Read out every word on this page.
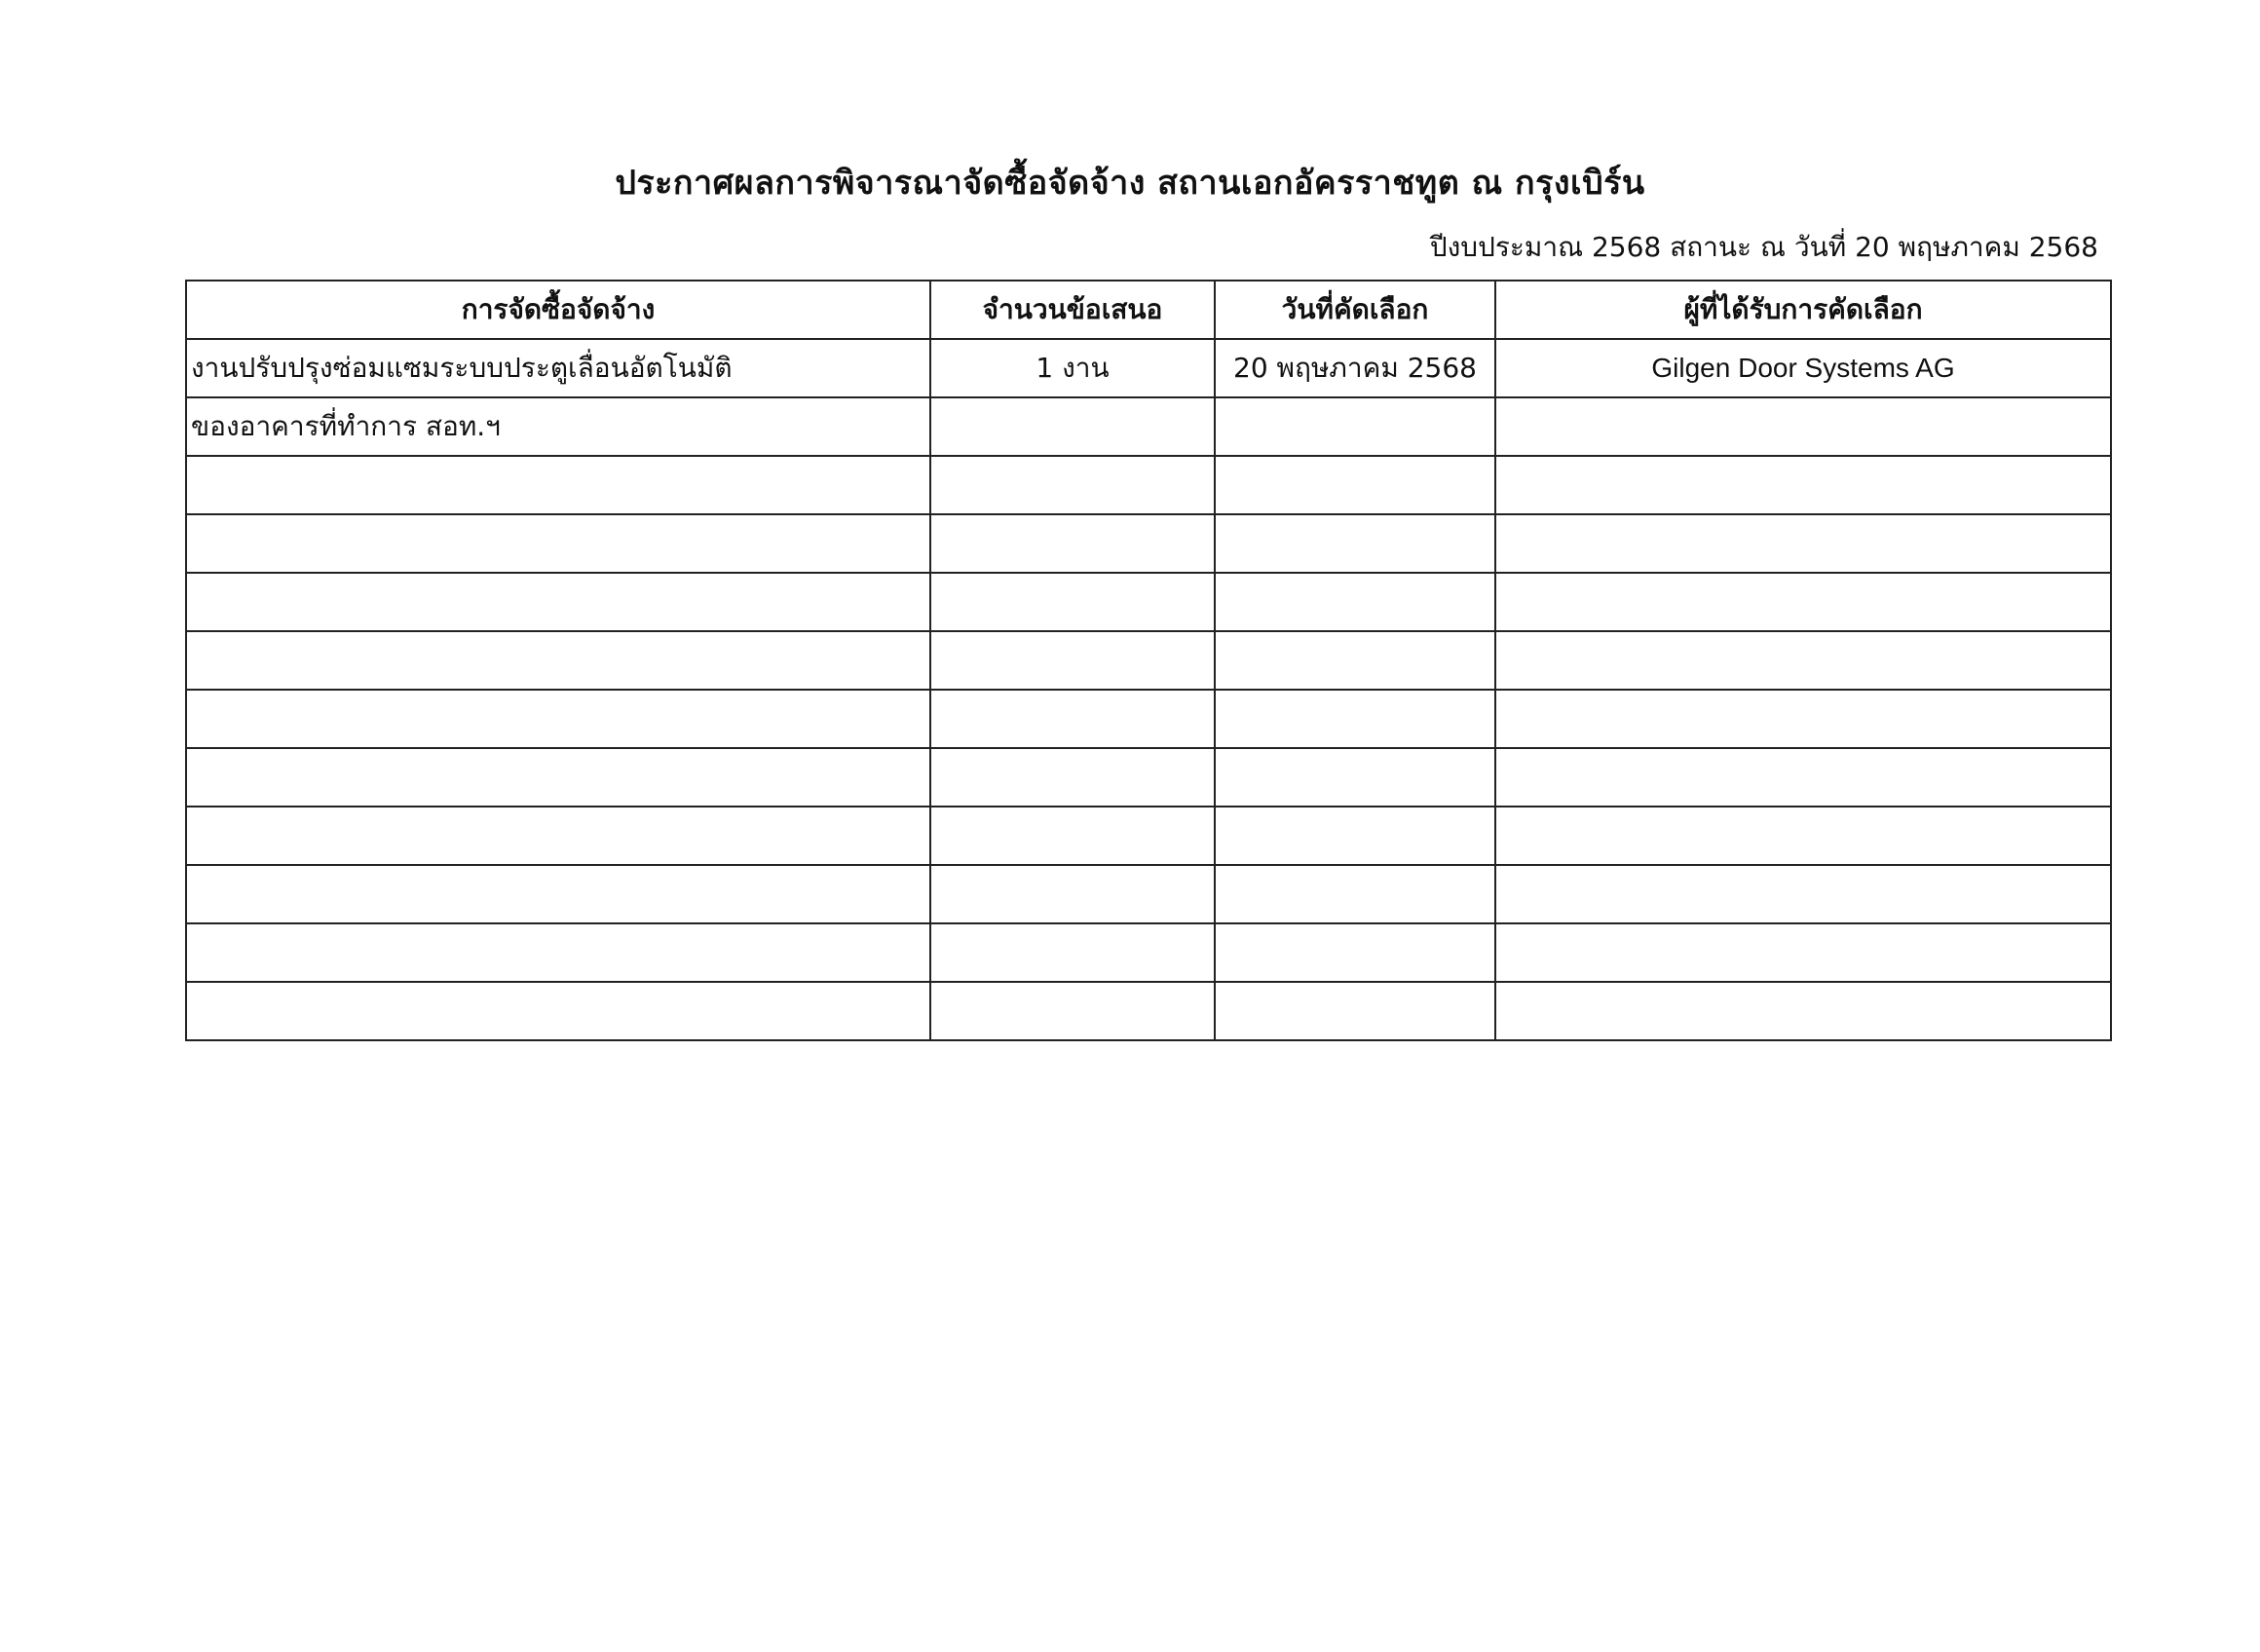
ประกาศผลการพิจารณาจัดซื้อจัดจ้าง สถานเอกอัครราชทูต ณ กรุงเบิร์น
ปีงบประมาณ 2568 สถานะ ณ วันที่ 20 พฤษภาคม 2568
การจัดซื้อจัดจ้าง	จำนวนข้อเสนอ	วันที่คัดเลือก	ผู้ที่ได้รับการคัดเลือก
งานปรับปรุงซ่อมแซมระบบประตูเลื่อนอัตโนมัติ	1 งาน	20 พฤษภาคม 2568	Gilgen Door Systems AG
ของอาคารที่ทำการ สอท.ฯ			
